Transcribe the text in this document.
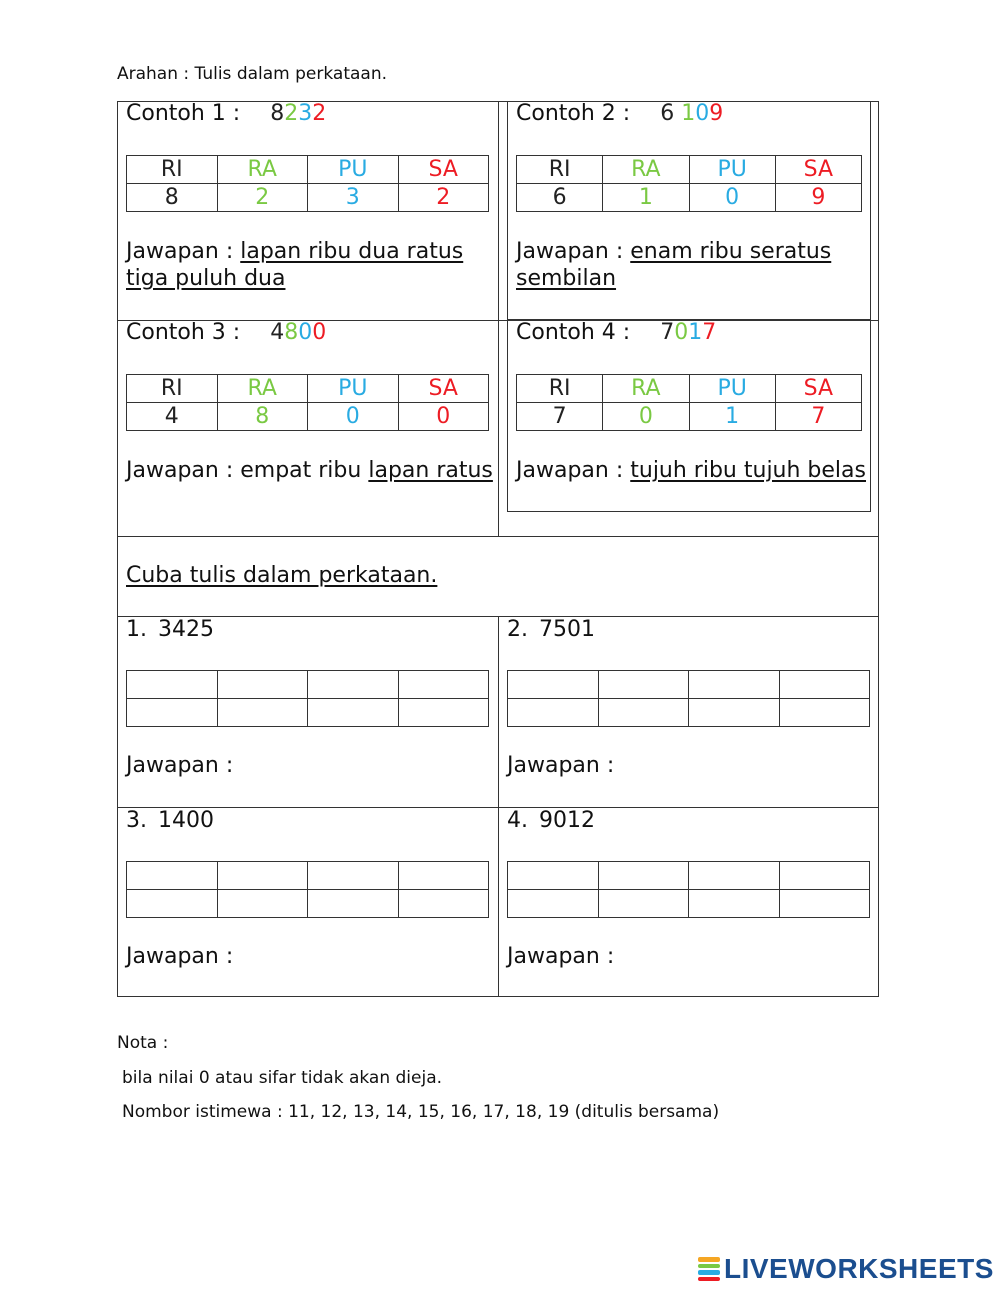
Arahan : Tulis dalam perkataan.
Contoh 1 : 8232
RI	RA	PU	SA
8	2	3	2
Jawapan : lapan ribu dua ratus tiga puluh dua
Contoh 2 : 6 109
RI	RA	PU	SA
6	1	0	9
Jawapan : enam ribu seratus sembilan
Contoh 3 : 4800
RI	RA	PU	SA
4	8	0	0
Jawapan : empat ribu lapan ratus
Contoh 4 : 7017
RI	RA	PU	SA
7	0	1	7
Jawapan : tujuh ribu tujuh belas
Cuba tulis dalam perkataan.
1. 3425

Jawapan :
2. 7501

Jawapan :
3. 1400

Jawapan :
4. 9012

Jawapan :
Nota :
bila nilai 0 atau sifar tidak akan dieja.
Nombor istimewa : 11, 12, 13, 14, 15, 16, 17, 18, 19 (ditulis bersama)
LIVEWORKSHEETS
